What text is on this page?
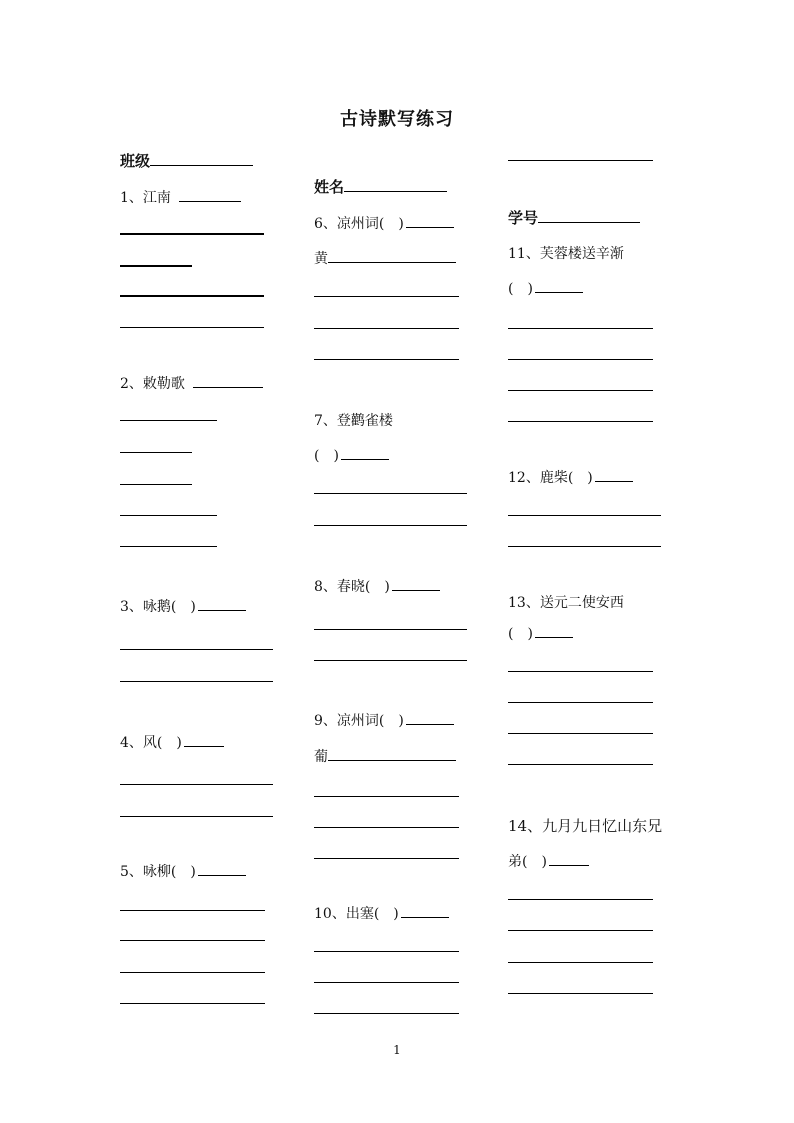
古诗默写练习
班级
姓名
学号
1、江南
2、敕勒歌
3、咏鹅(　)
4、风(　)
5、咏柳(　)
6、凉州词(　)
黄
7、登鹳雀楼
(　)
8、春晓(　)
9、凉州词(　)
葡
10、出塞(　)
11、芙蓉楼送辛渐
(　)
12、鹿柴(　)
13、送元二使安西
(　)
14、九月九日忆山东兄
弟(　)
1
